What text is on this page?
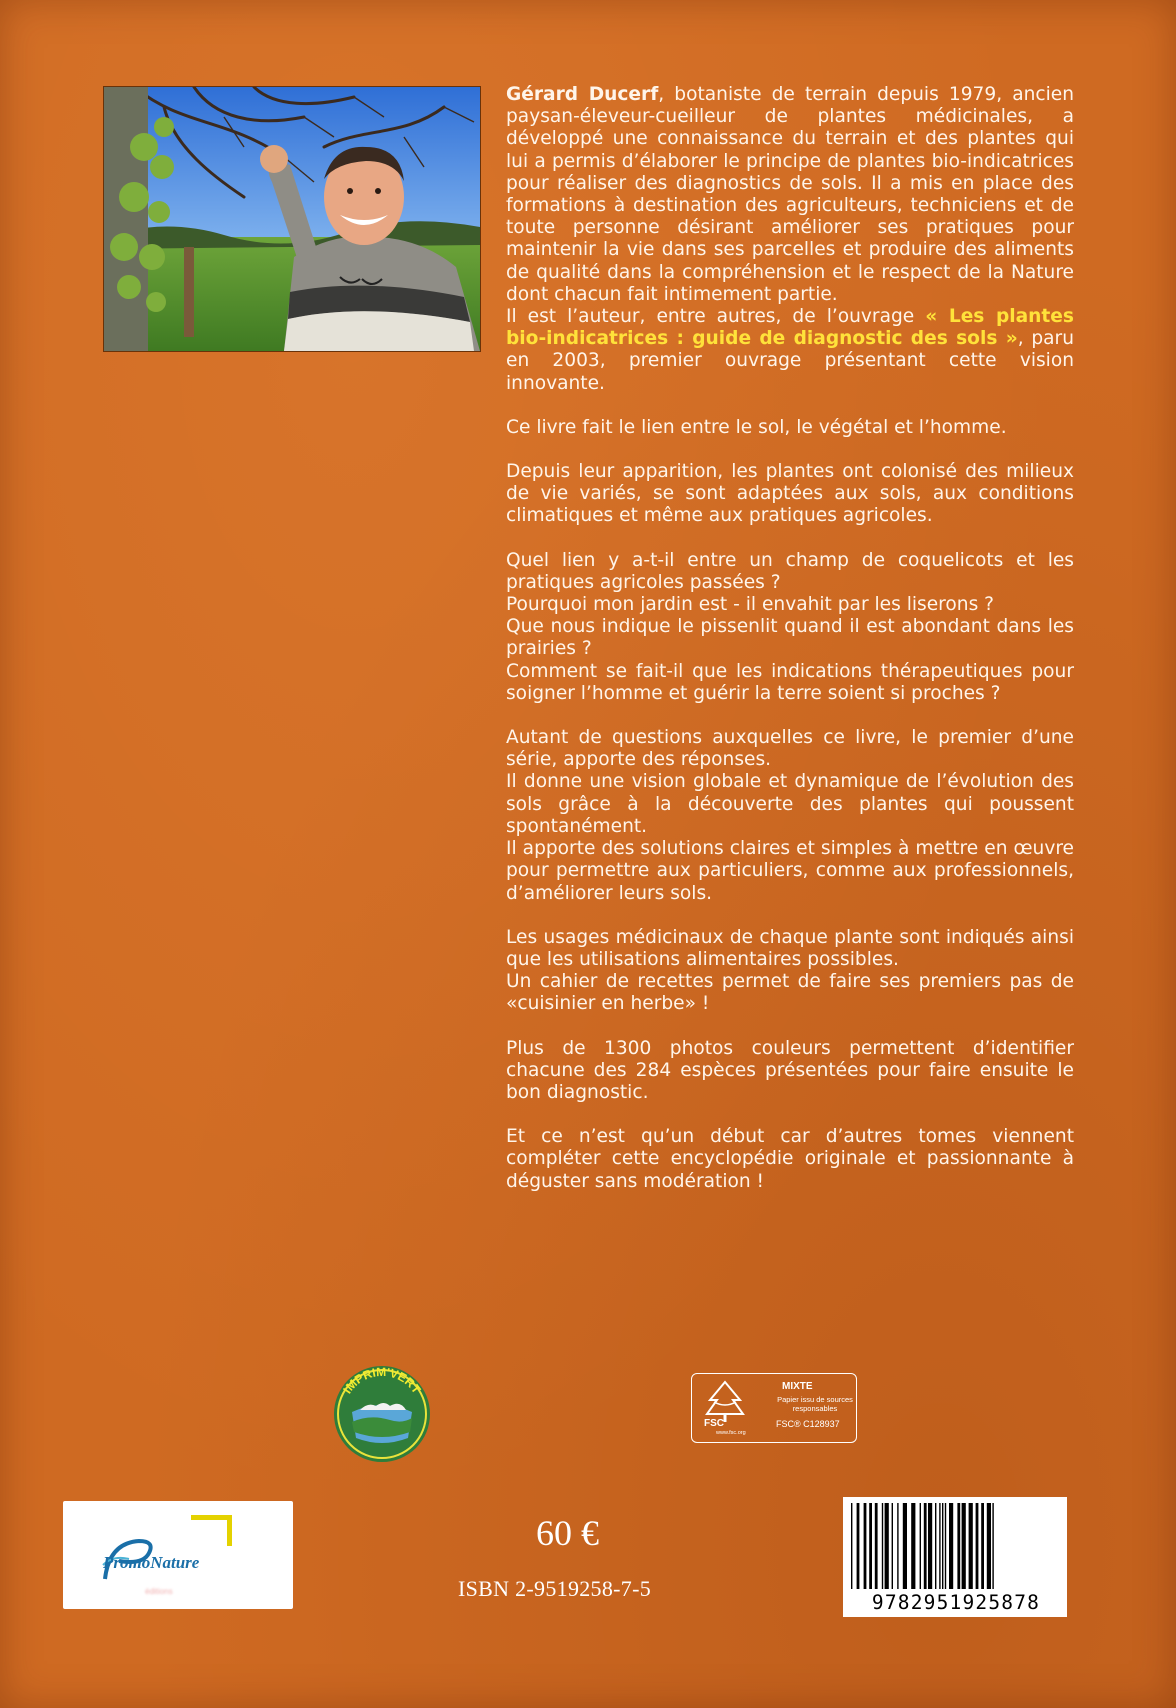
Gérard Ducerf, botaniste de terrain depuis 1979, ancien paysan-éleveur-cueilleur de plantes médicinales, a développé une connaissance du terrain et des plantes qui lui a permis d’élaborer le principe de plantes bio-indicatrices pour réaliser des diagnostics de sols. Il a mis en place des formations à destination des agriculteurs, techniciens et de toute personne désirant améliorer ses pratiques pour maintenir la vie dans ses parcelles et produire des aliments de qualité dans la compréhension et le respect de la Nature dont chacun fait intimement partie.

Il est l’auteur, entre autres, de l’ouvrage « Les plantes bio-indicatrices : guide de diagnostic des sols », paru en 2003, premier ouvrage présentant cette vision innovante.

Ce livre fait le lien entre le sol, le végétal et l’homme.

Depuis leur apparition, les plantes ont colonisé des milieux de vie variés, se sont adaptées aux sols, aux conditions climatiques et même aux pratiques agricoles.

Quel lien y a-t-il entre un champ de coquelicots et les pratiques agricoles passées ?

Pourquoi mon jardin est - il envahit par les liserons ?

Que nous indique le pissenlit quand il est abondant dans les prairies ?

Comment se fait-il que les indications thérapeutiques pour soigner l’homme et guérir la terre soient si proches ?

Autant de questions auxquelles ce livre, le premier d’une série, apporte des réponses.

Il donne une vision globale et dynamique de l’évolution des sols grâce à la découverte des plantes qui poussent spontanément.

Il apporte des solutions claires et simples à mettre en œuvre pour permettre aux particuliers, comme aux professionnels, d’améliorer leurs sols.

Les usages médicinaux de chaque plante sont indiqués ainsi que les utilisations alimentaires possibles.

Un cahier de recettes permet de faire ses premiers pas de «cuisinier en herbe» !

Plus de 1300 photos couleurs permettent d’identifier chacune des 284 espèces présentées pour faire ensuite le bon diagnostic.

Et ce n’est qu’un début car d’autres tomes viennent compléter cette encyclopédie originale et passionnante à déguster sans modération !

IMPRIM'VERT
FSC
www.fsc.org
MIXTE
Papier issu de sources responsables
FSC® C128937
PromoNature
éditions
60 €
ISBN 2-9519258-7-5
9782951925878
